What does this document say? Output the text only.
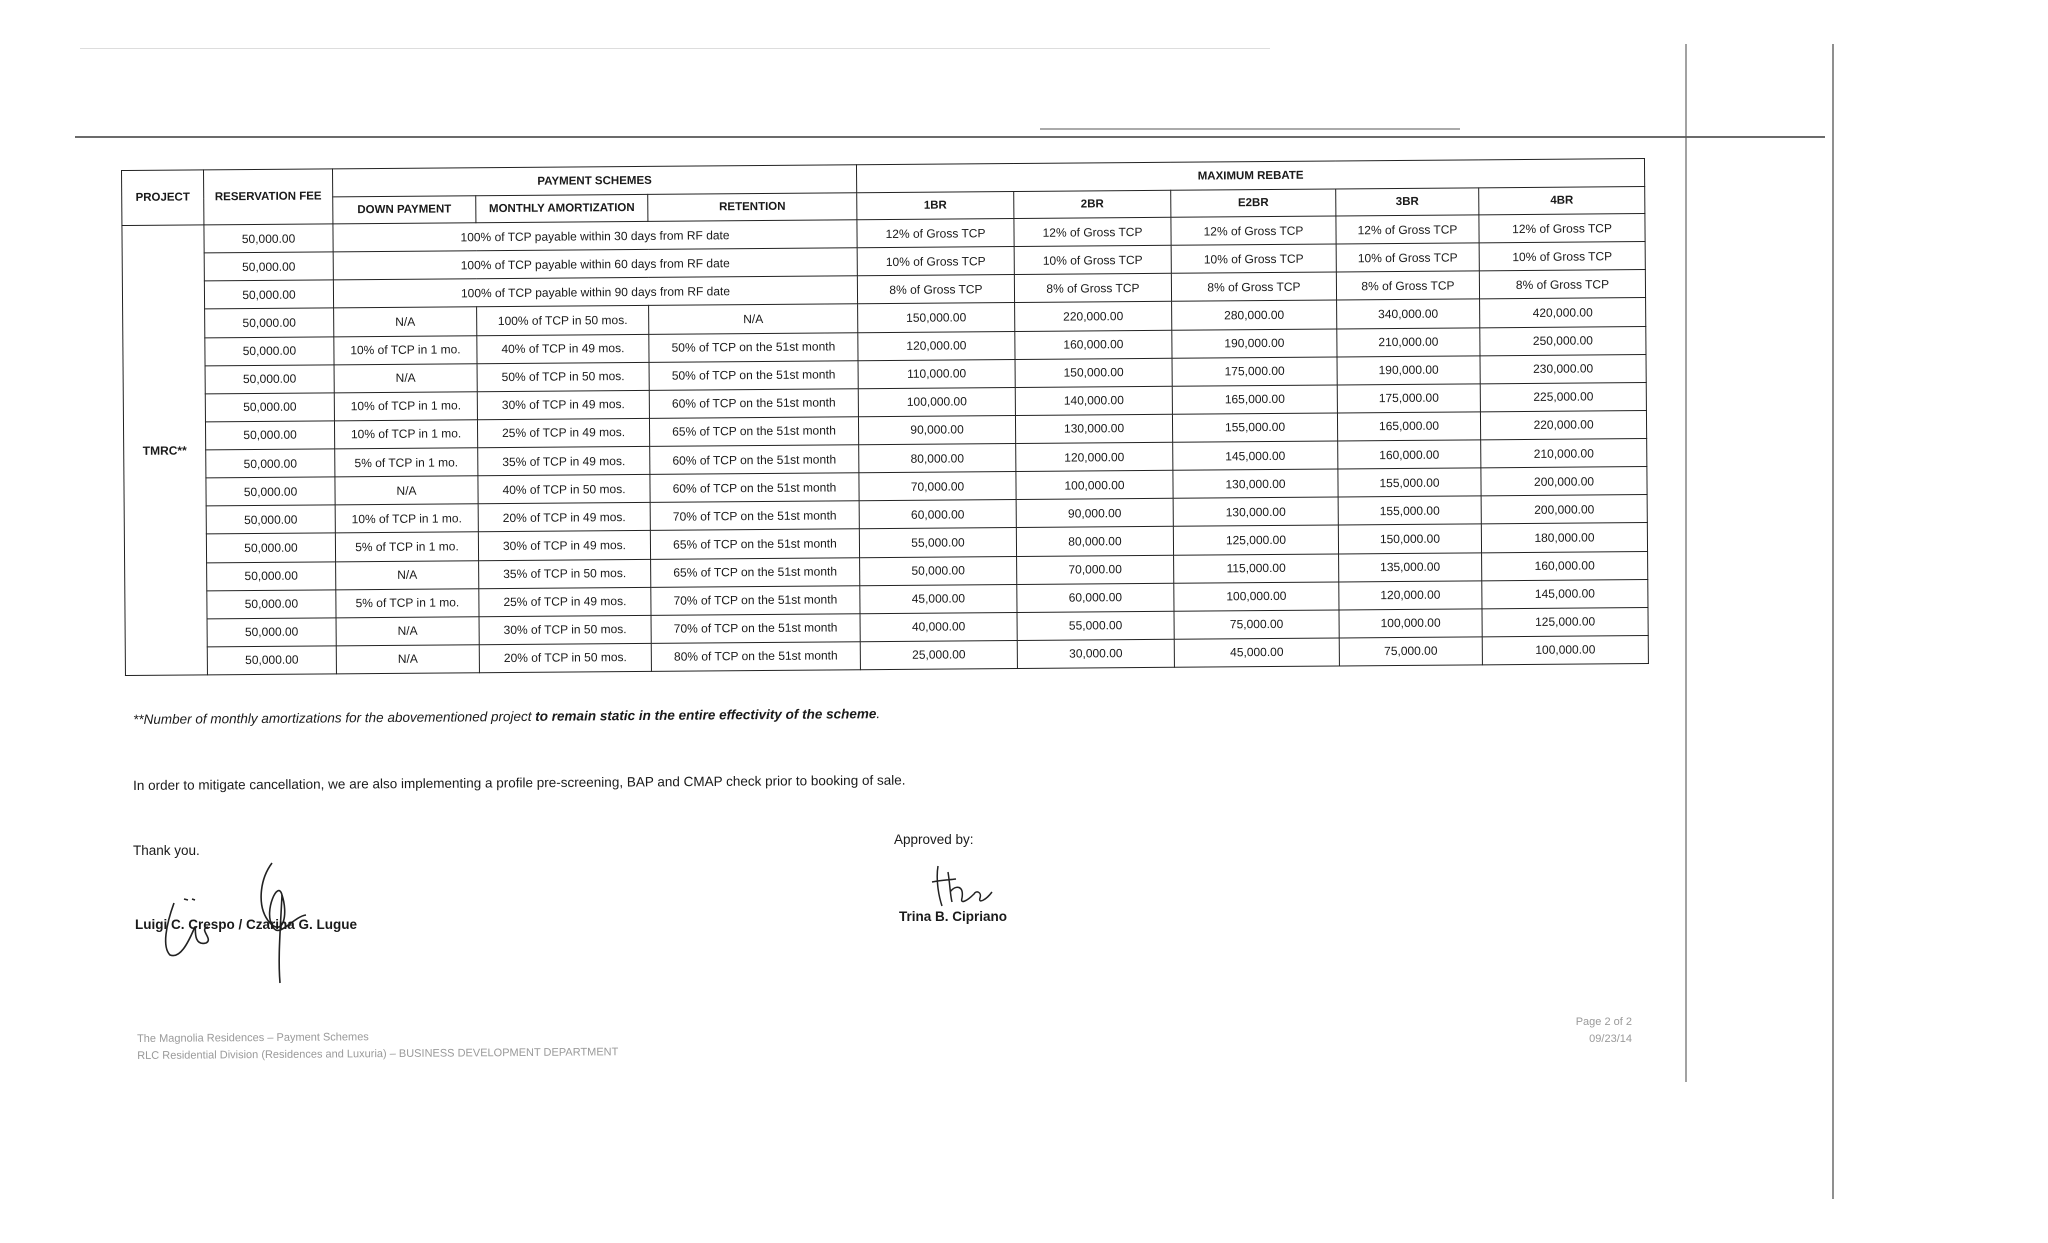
PROJECT	RESERVATION FEE	PAYMENT SCHEMES			MAXIMUM REBATE				
		DOWN PAYMENT	MONTHLY AMORTIZATION	RETENTION	1BR	2BR	E2BR	3BR	4BR
TMRC**	50,000.00	100% of TCP payable within 30 days from RF date			12% of Gross TCP	12% of Gross TCP	12% of Gross TCP	12% of Gross TCP	12% of Gross TCP
	50,000.00	100% of TCP payable within 60 days from RF date			10% of Gross TCP	10% of Gross TCP	10% of Gross TCP	10% of Gross TCP	10% of Gross TCP
	50,000.00	100% of TCP payable within 90 days from RF date			8% of Gross TCP	8% of Gross TCP	8% of Gross TCP	8% of Gross TCP	8% of Gross TCP
	50,000.00	N/A	100% of TCP in 50 mos.	N/A	150,000.00	220,000.00	280,000.00	340,000.00	420,000.00
	50,000.00	10% of TCP in 1 mo.	40% of TCP in 49 mos.	50% of TCP on the 51st month	120,000.00	160,000.00	190,000.00	210,000.00	250,000.00
	50,000.00	N/A	50% of TCP in 50 mos.	50% of TCP on the 51st month	110,000.00	150,000.00	175,000.00	190,000.00	230,000.00
	50,000.00	10% of TCP in 1 mo.	30% of TCP in 49 mos.	60% of TCP on the 51st month	100,000.00	140,000.00	165,000.00	175,000.00	225,000.00
	50,000.00	10% of TCP in 1 mo.	25% of TCP in 49 mos.	65% of TCP on the 51st month	90,000.00	130,000.00	155,000.00	165,000.00	220,000.00
	50,000.00	5% of TCP in 1 mo.	35% of TCP in 49 mos.	60% of TCP on the 51st month	80,000.00	120,000.00	145,000.00	160,000.00	210,000.00
	50,000.00	N/A	40% of TCP in 50 mos.	60% of TCP on the 51st month	70,000.00	100,000.00	130,000.00	155,000.00	200,000.00
	50,000.00	10% of TCP in 1 mo.	20% of TCP in 49 mos.	70% of TCP on the 51st month	60,000.00	90,000.00	130,000.00	155,000.00	200,000.00
	50,000.00	5% of TCP in 1 mo.	30% of TCP in 49 mos.	65% of TCP on the 51st month	55,000.00	80,000.00	125,000.00	150,000.00	180,000.00
	50,000.00	N/A	35% of TCP in 50 mos.	65% of TCP on the 51st month	50,000.00	70,000.00	115,000.00	135,000.00	160,000.00
	50,000.00	5% of TCP in 1 mo.	25% of TCP in 49 mos.	70% of TCP on the 51st month	45,000.00	60,000.00	100,000.00	120,000.00	145,000.00
	50,000.00	N/A	30% of TCP in 50 mos.	70% of TCP on the 51st month	40,000.00	55,000.00	75,000.00	100,000.00	125,000.00
	50,000.00	N/A	20% of TCP in 50 mos.	80% of TCP on the 51st month	25,000.00	30,000.00	45,000.00	75,000.00	100,000.00
**Number of monthly amortizations for the abovementioned project to remain static in the entire effectivity of the scheme.
In order to mitigate cancellation, we are also implementing a profile pre-screening, BAP and CMAP check prior to booking of sale.
Thank you.
Approved by:
Luigi C. Crespo / Czarina G. Lugue
Trina B. Cipriano
The Magnolia Residences – Payment Schemes
RLC Residential Division (Residences and Luxuria) – BUSINESS DEVELOPMENT DEPARTMENT
Page 2 of 2
09/23/14
